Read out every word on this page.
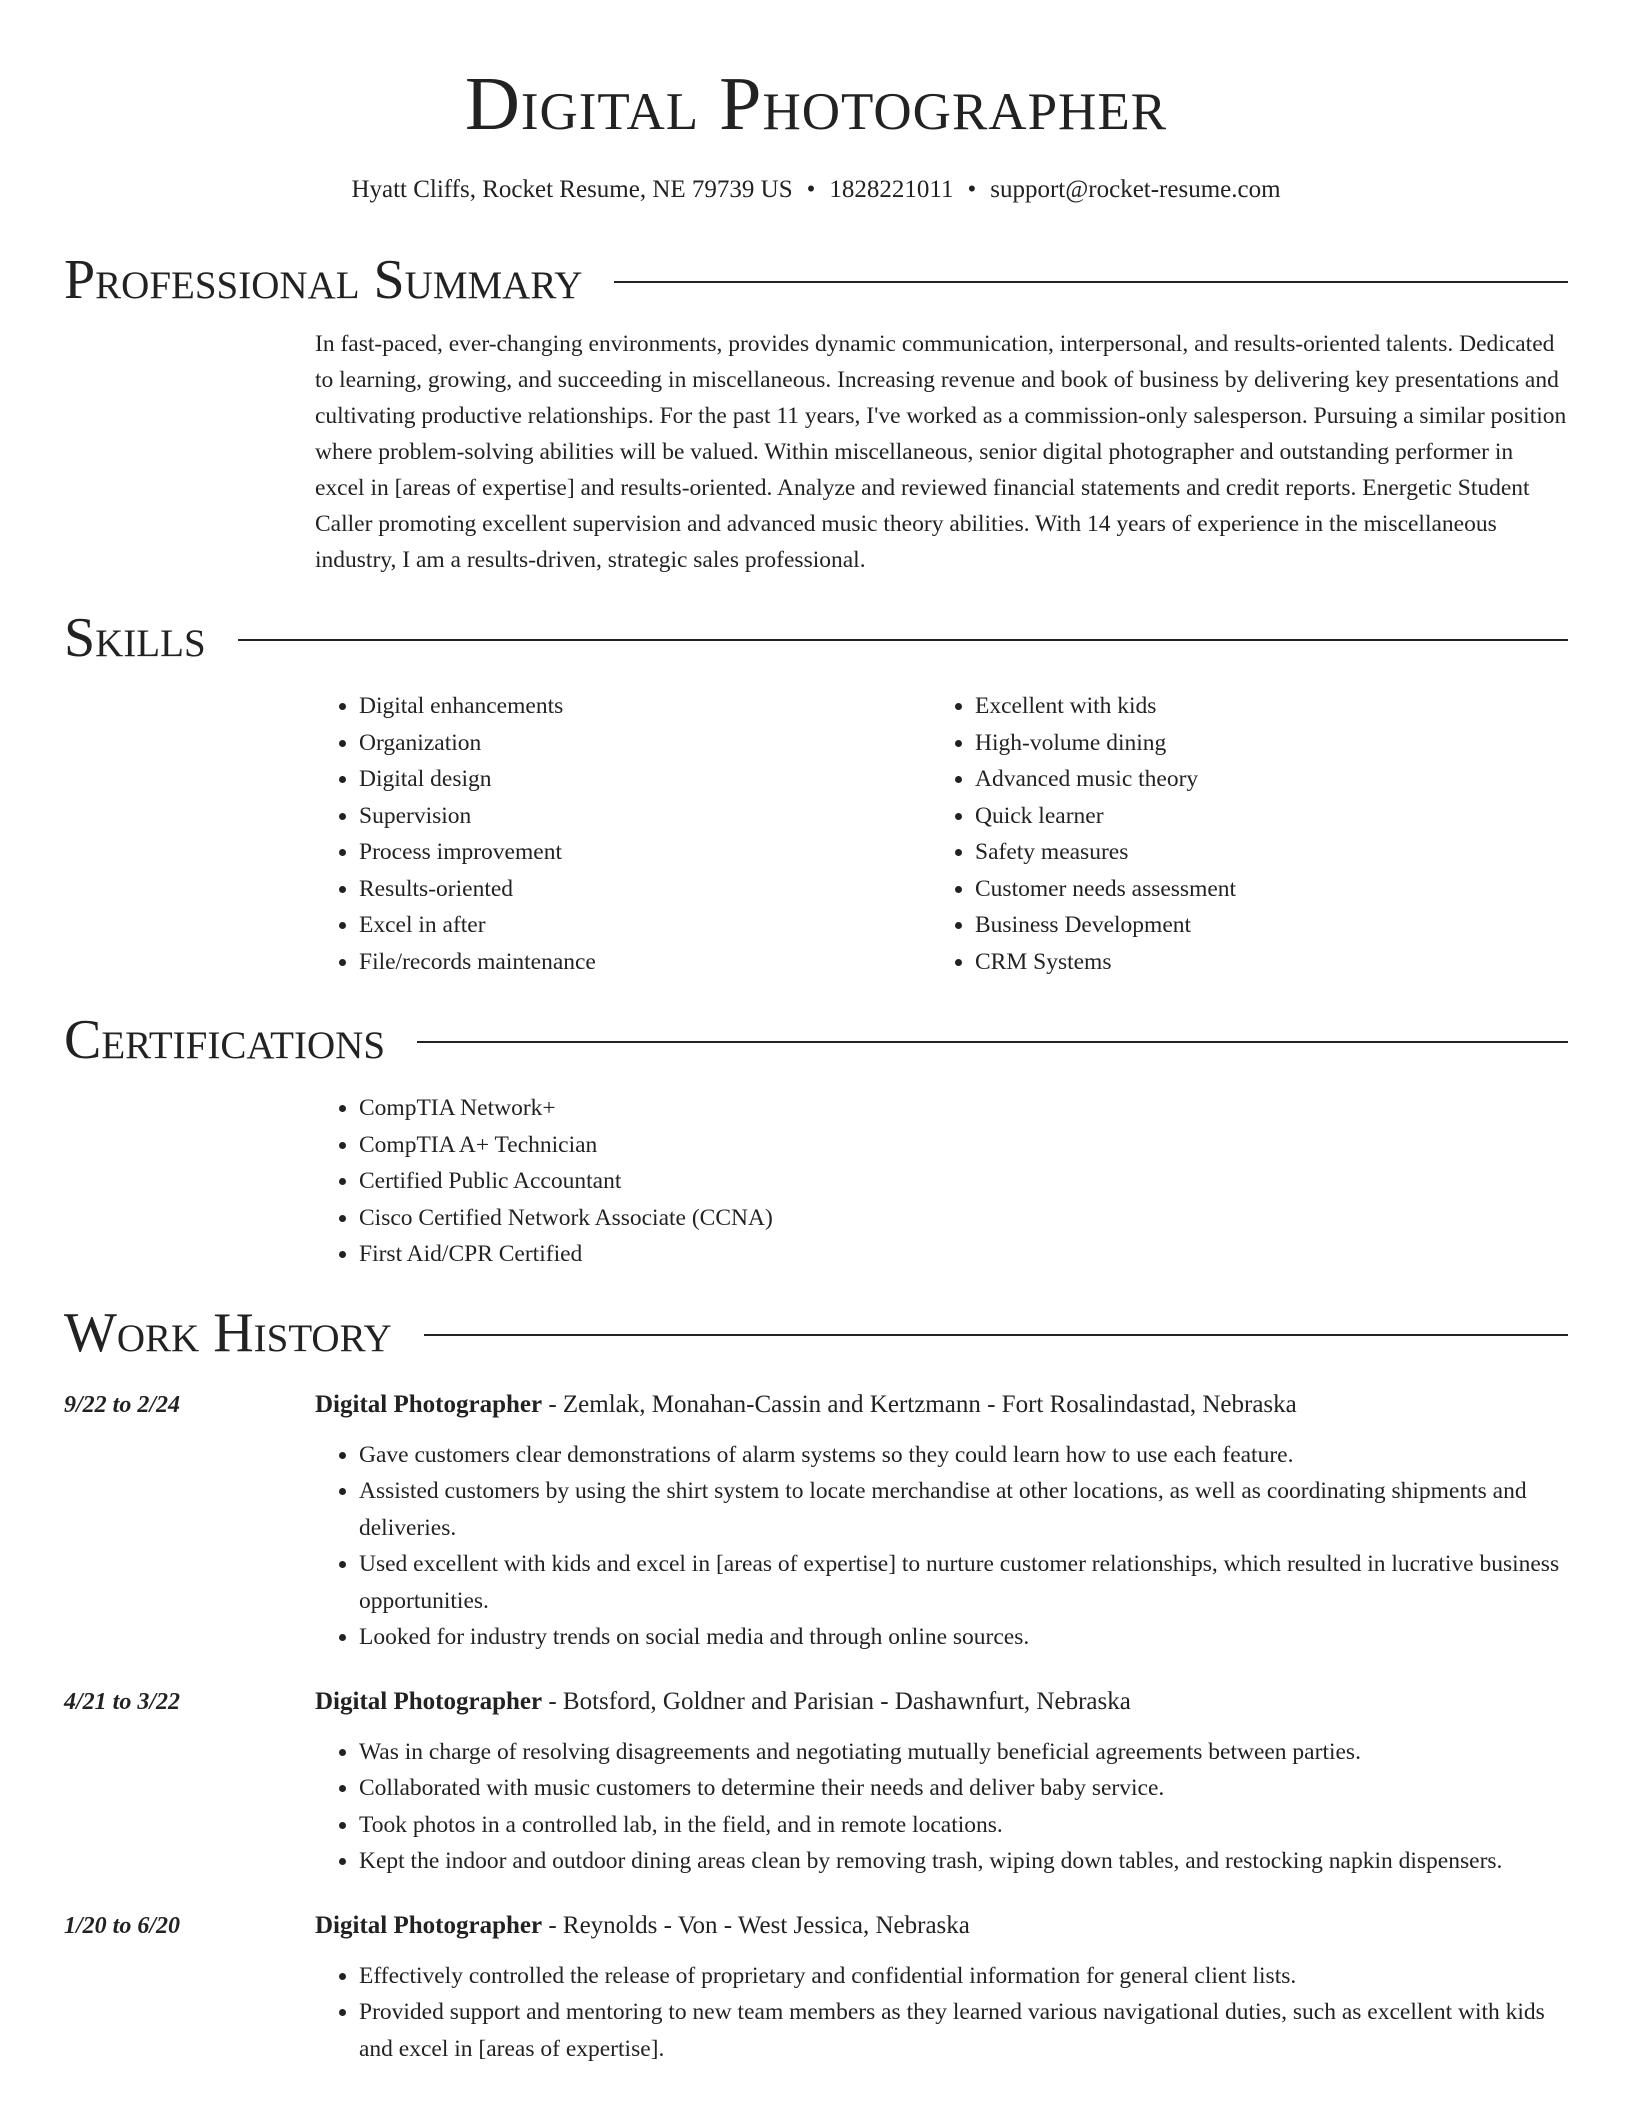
Digital Photographer
Hyatt Cliffs, Rocket Resume, NE 79739 US • 1828221011 • support@rocket-resume.com
Professional Summary
In fast-paced, ever-changing environments, provides dynamic communication, interpersonal, and results-oriented talents. Dedicated to learning, growing, and succeeding in miscellaneous. Increasing revenue and book of business by delivering key presentations and cultivating productive relationships. For the past 11 years, I've worked as a commission-only salesperson. Pursuing a similar position where problem-solving abilities will be valued. Within miscellaneous, senior digital photographer and outstanding performer in excel in [areas of expertise] and results-oriented. Analyze and reviewed financial statements and credit reports. Energetic Student Caller promoting excellent supervision and advanced music theory abilities. With 14 years of experience in the miscellaneous industry, I am a results-driven, strategic sales professional.
Skills
• Digital enhancements
• Organization
• Digital design
• Supervision
• Process improvement
• Results-oriented
• Excel in after
• File/records maintenance
• Excellent with kids
• High-volume dining
• Advanced music theory
• Quick learner
• Safety measures
• Customer needs assessment
• Business Development
• CRM Systems
Certifications
• CompTIA Network+
• CompTIA A+ Technician
• Certified Public Accountant
• Cisco Certified Network Associate (CCNA)
• First Aid/CPR Certified
Work History
9/22 to 2/24	Digital Photographer - Zemlak, Monahan-Cassin and Kertzmann - Fort Rosalindastad, Nebraska
• Gave customers clear demonstrations of alarm systems so they could learn how to use each feature.
• Assisted customers by using the shirt system to locate merchandise at other locations, as well as coordinating shipments and deliveries.
• Used excellent with kids and excel in [areas of expertise] to nurture customer relationships, which resulted in lucrative business opportunities.
• Looked for industry trends on social media and through online sources.
4/21 to 3/22	Digital Photographer - Botsford, Goldner and Parisian - Dashawnfurt, Nebraska
• Was in charge of resolving disagreements and negotiating mutually beneficial agreements between parties.
• Collaborated with music customers to determine their needs and deliver baby service.
• Took photos in a controlled lab, in the field, and in remote locations.
• Kept the indoor and outdoor dining areas clean by removing trash, wiping down tables, and restocking napkin dispensers.
1/20 to 6/20	Digital Photographer - Reynolds - Von - West Jessica, Nebraska
• Effectively controlled the release of proprietary and confidential information for general client lists.
• Provided support and mentoring to new team members as they learned various navigational duties, such as excellent with kids and excel in [areas of expertise].
